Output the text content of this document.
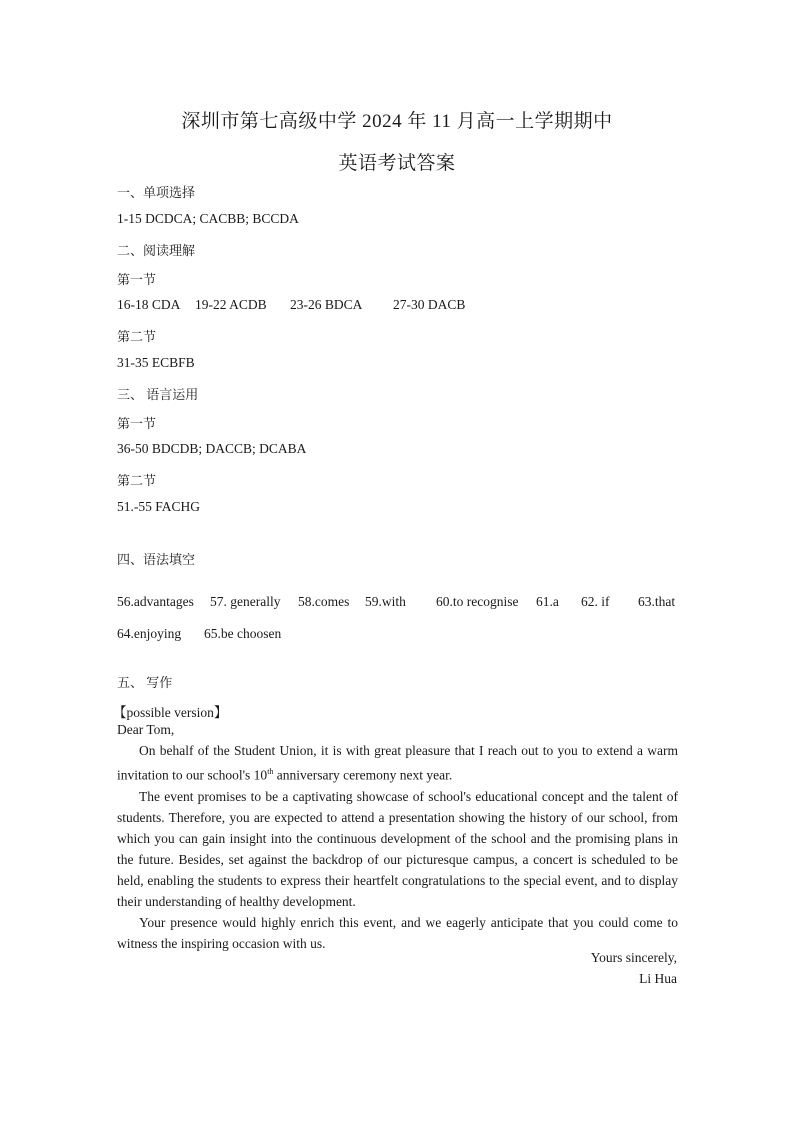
深圳市第七高级中学 2024 年 11 月高一上学期期中
英语考试答案
一、单项选择
1-15 DCDCA; CACBB; BCCDA
二、阅读理解
第一节
16-18 CDA 19-22 ACDB 23-26 BDCA 27-30 DACB
第二节
31-35 ECBFB
三、 语言运用
第一节
36-50 BDCDB; DACCB; DCABA
第二节
51.-55 FACHG
四、语法填空
56.advantages 57. generally 58.comes 59.with 60.to recognise 61.a 62. if 63.that
64.enjoying 65.be choosen
五、 写作
【possible version】
Dear Tom,

On behalf of the Student Union, it is with great pleasure that I reach out to you to extend a warm invitation to our school's 10th anniversary ceremony next year.

The event promises to be a captivating showcase of school's educational concept and the talent of students. Therefore, you are expected to attend a presentation showing the history of our school, from which you can gain insight into the continuous development of the school and the promising plans in the future. Besides, set against the backdrop of our picturesque campus, a concert is scheduled to be held, enabling the students to express their heartfelt congratulations to the special event, and to display their understanding of healthy development.

Your presence would highly enrich this event, and we eagerly anticipate that you could come to witness the inspiring occasion with us.

Yours sincerely,
Li Hua
